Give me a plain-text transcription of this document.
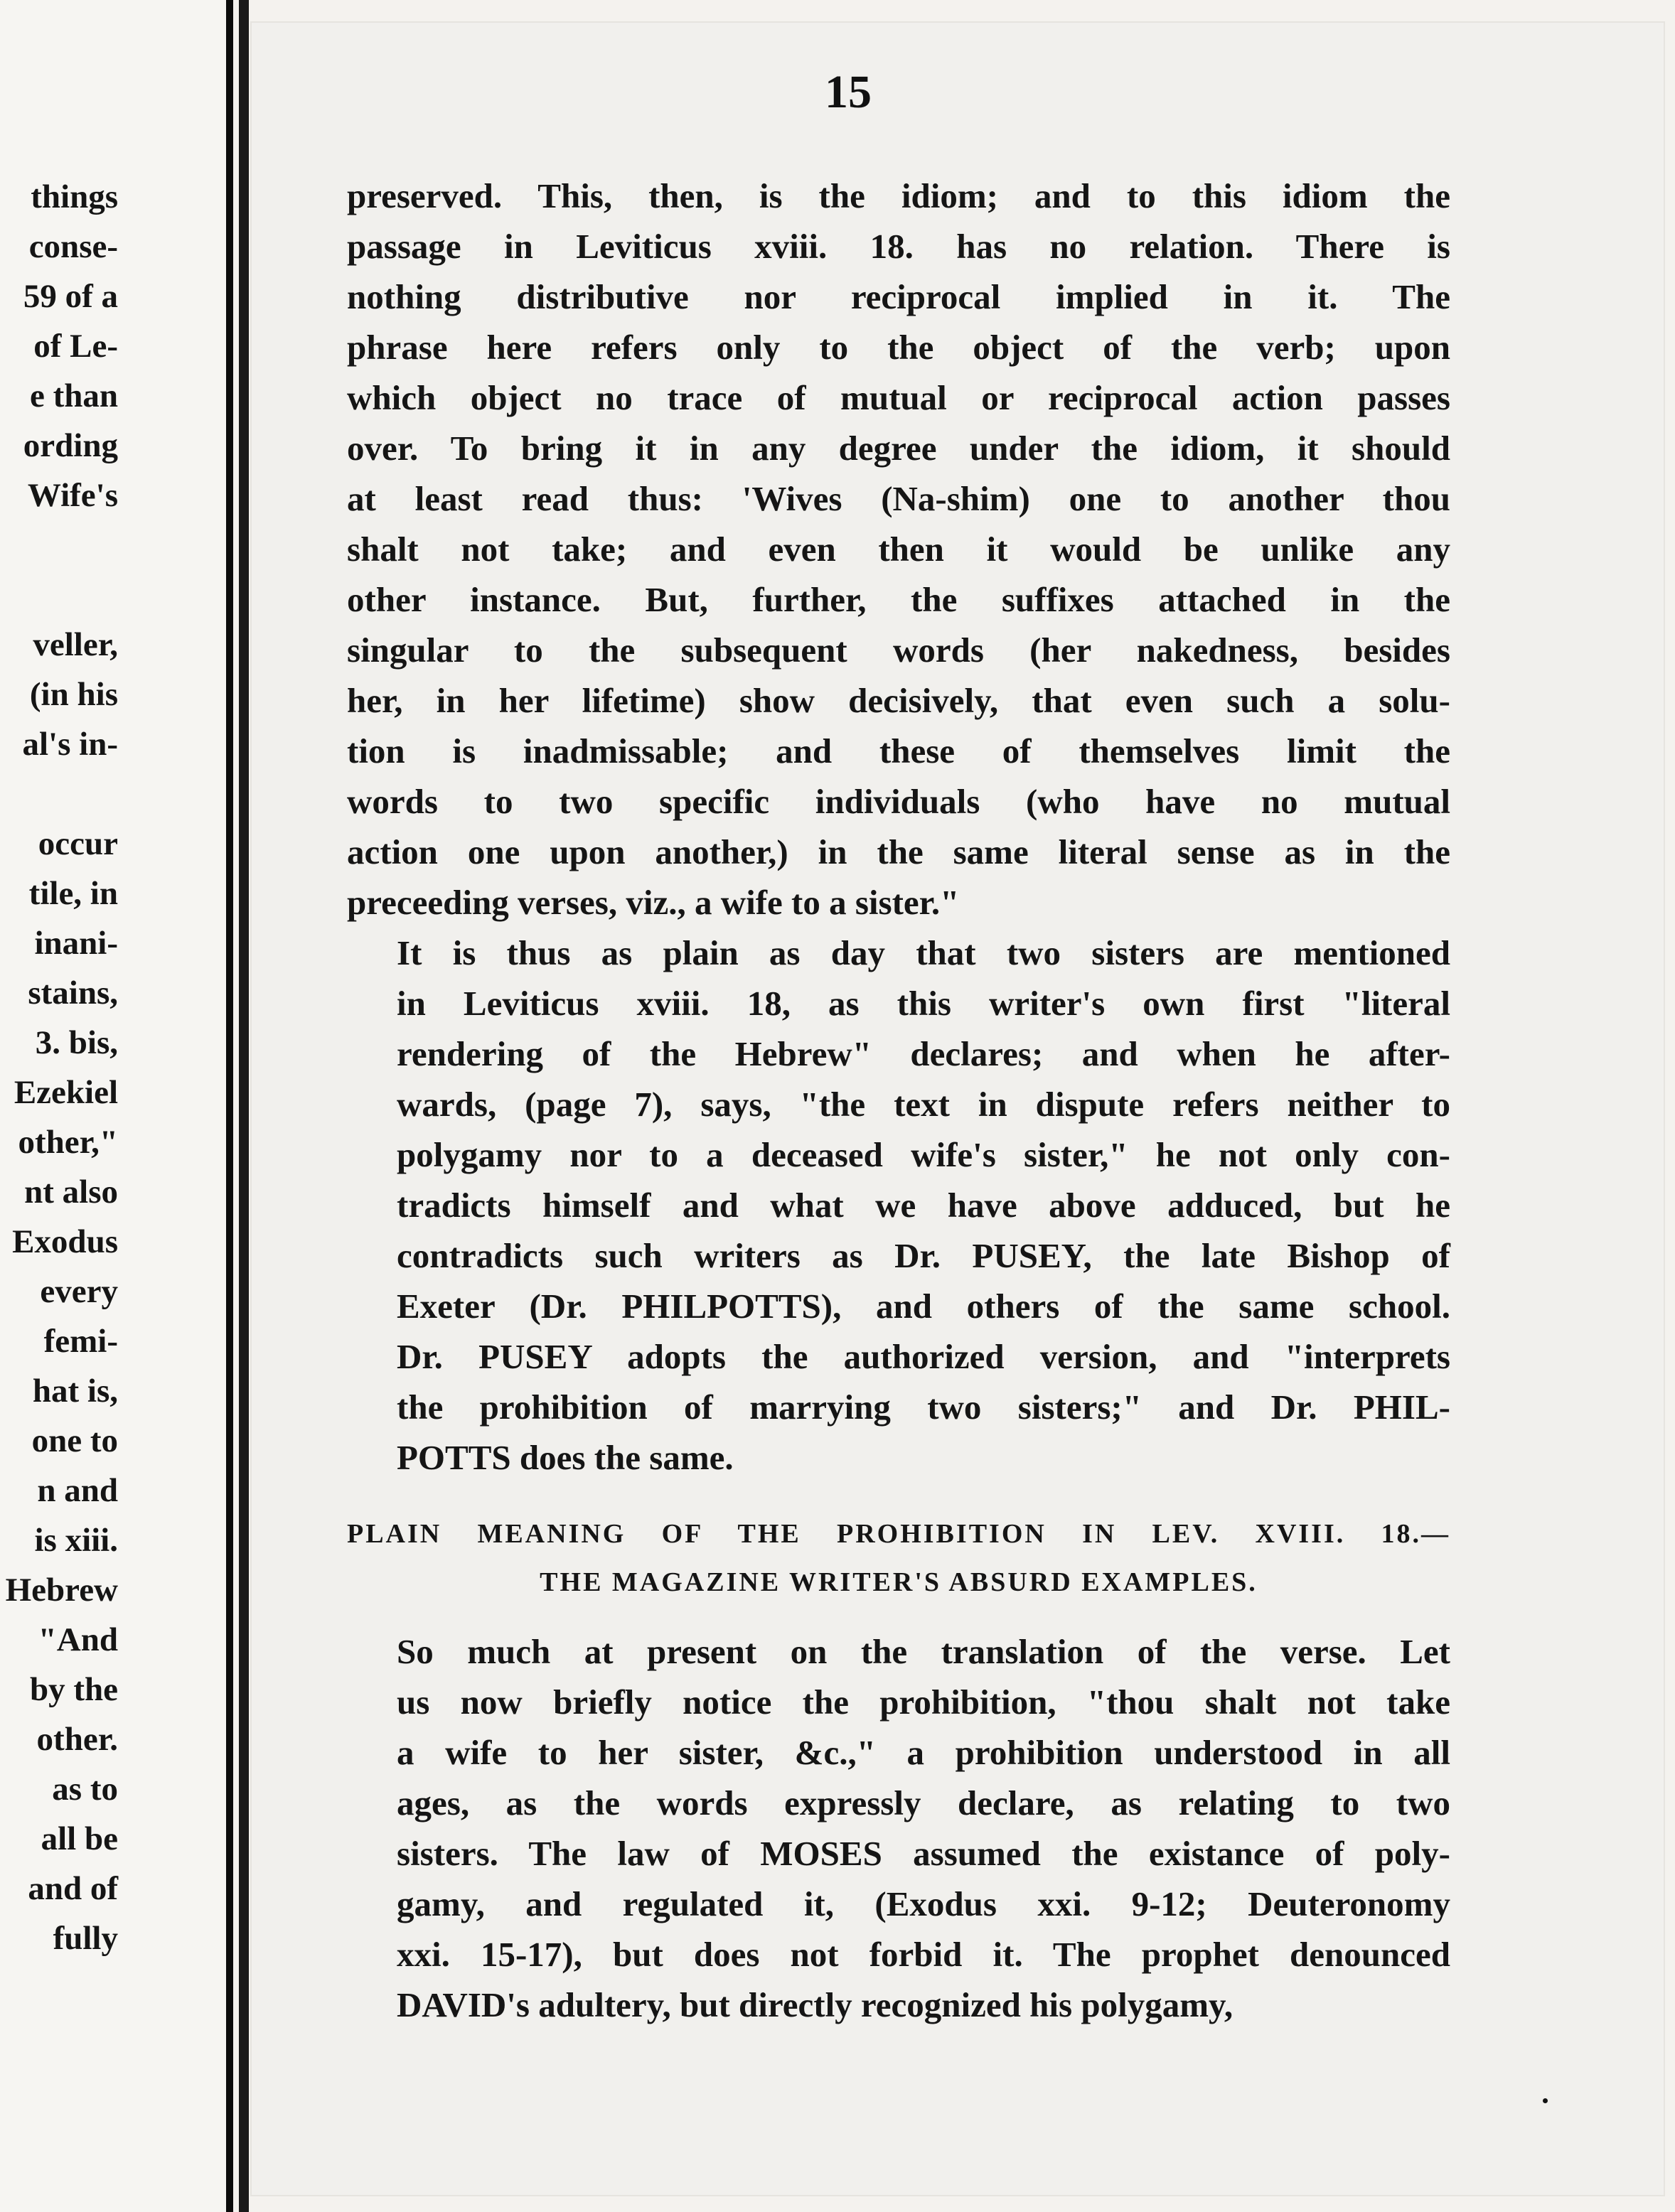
things
conse-
59 of a
of Le-
e than
ording
Wife's
veller,
(in his
al's in-
occur
tile, in
inani-
stains,
3. bis,
Ezekiel
other,"
nt also
Exodus
every
femi-
hat is,
one to
n and
is xiii.
Hebrew
"And
by the
other.
as to
all be
and of
fully
15

preserved. This, then, is the idiom; and to this idiom the
passage in Leviticus xviii. 18. has no relation. There is
nothing distributive nor reciprocal implied in it. The
phrase here refers only to the object of the verb; upon
which object no trace of mutual or reciprocal action passes
over. To bring it in any degree under the idiom, it should
at least read thus: 'Wives (Na-shim) one to another thou
shalt not take; and even then it would be unlike any
other instance. But, further, the suffixes attached in the
singular to the subsequent words (her nakedness, besides
her, in her lifetime) show decisively, that even such a solu-
tion is inadmissable; and these of themselves limit the
words to two specific individuals (who have no mutual
action one upon another,) in the same literal sense as in the
preceeding verses, viz., a wife to a sister."

It is thus as plain as day that two sisters are mentioned
in Leviticus xviii. 18, as this writer's own first "literal
rendering of the Hebrew" declares; and when he after-
wards, (page 7), says, "the text in dispute refers neither to
polygamy nor to a deceased wife's sister," he not only con-
tradicts himself and what we have above adduced, but he
contradicts such writers as Dr. PUSEY, the late Bishop of
Exeter (Dr. PHILPOTTS), and others of the same school.
Dr. PUSEY adopts the authorized version, and "interprets
the prohibition of marrying two sisters;" and Dr. PHIL-
POTTS does the same.

PLAIN MEANING OF THE PROHIBITION IN LEV. XVIII. 18.—
THE MAGAZINE WRITER'S ABSURD EXAMPLES.

So much at present on the translation of the verse. Let
us now briefly notice the prohibition, "thou shalt not take
a wife to her sister, &c.," a prohibition understood in all
ages, as the words expressly declare, as relating to two
sisters. The law of MOSES assumed the existance of poly-
gamy, and regulated it, (Exodus xxi. 9-12; Deuteronomy
xxi. 15-17), but does not forbid it. The prophet denounced
DAVID's adultery, but directly recognized his polygamy,
